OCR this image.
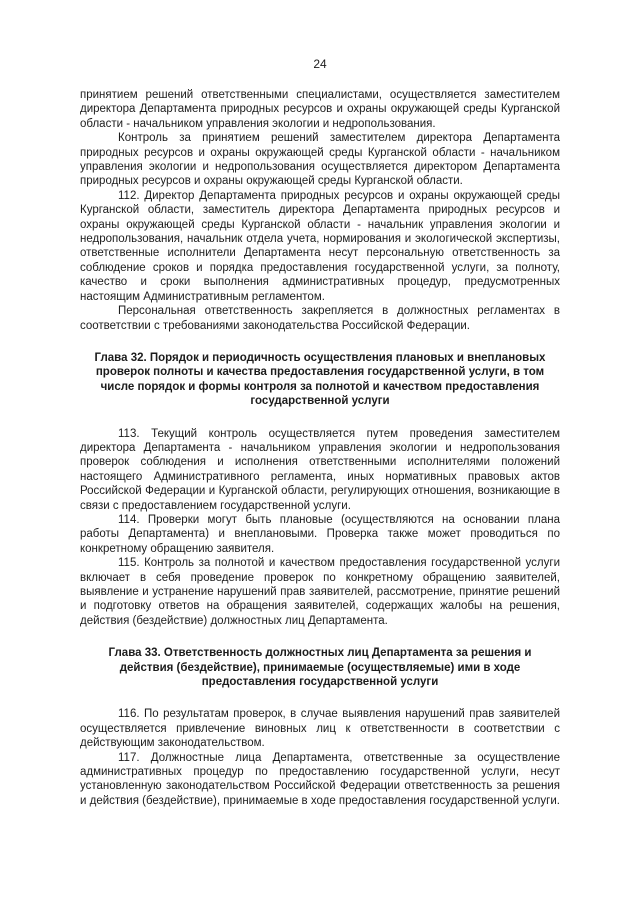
24

принятием решений ответственными специалистами, осуществляется заместителем директора Департамента природных ресурсов и охраны окружающей среды Курганской области - начальником управления экологии и недропользования.

Контроль за принятием решений заместителем директора Департамента природных ресурсов и охраны окружающей среды Курганской области - начальником управления экологии и недропользования осуществляется директором Департамента природных ресурсов и охраны окружающей среды Курганской области.

112. Директор Департамента природных ресурсов и охраны окружающей среды Курганской области, заместитель директора Департамента природных ресурсов и охраны окружающей среды Курганской области - начальник управления экологии и недропользования, начальник отдела учета, нормирования и экологической экспертизы, ответственные исполнители Департамента несут персональную ответственность за соблюдение сроков и порядка предоставления государственной услуги, за полноту, качество и сроки выполнения административных процедур, предусмотренных настоящим Административным регламентом.

Персональная ответственность закрепляется в должностных регламентах в соответствии с требованиями законодательства Российской Федерации.

Глава 32. Порядок и периодичность осуществления плановых и внеплановых проверок полноты и качества предоставления государственной услуги, в том числе порядок и формы контроля за полнотой и качеством предоставления государственной услуги

113. Текущий контроль осуществляется путем проведения заместителем директора Департамента - начальником управления экологии и недропользования проверок соблюдения и исполнения ответственными исполнителями положений настоящего Административного регламента, иных нормативных правовых актов Российской Федерации и Курганской области, регулирующих отношения, возникающие в связи с предоставлением государственной услуги.

114. Проверки могут быть плановые (осуществляются на основании плана работы Департамента) и внеплановыми. Проверка также может проводиться по конкретному обращению заявителя.

115. Контроль за полнотой и качеством предоставления государственной услуги включает в себя проведение проверок по конкретному обращению заявителей, выявление и устранение нарушений прав заявителей, рассмотрение, принятие решений и подготовку ответов на обращения заявителей, содержащих жалобы на решения, действия (бездействие) должностных лиц Департамента.

Глава 33. Ответственность должностных лиц Департамента за решения и действия (бездействие), принимаемые (осуществляемые) ими в ходе предоставления государственной услуги

116. По результатам проверок, в случае выявления нарушений прав заявителей осуществляется привлечение виновных лиц к ответственности в соответствии с действующим законодательством.

117. Должностные лица Департамента, ответственные за осуществление административных процедур по предоставлению государственной услуги, несут установленную законодательством Российской Федерации ответственность за решения и действия (бездействие), принимаемые в ходе предоставления государственной услуги.
